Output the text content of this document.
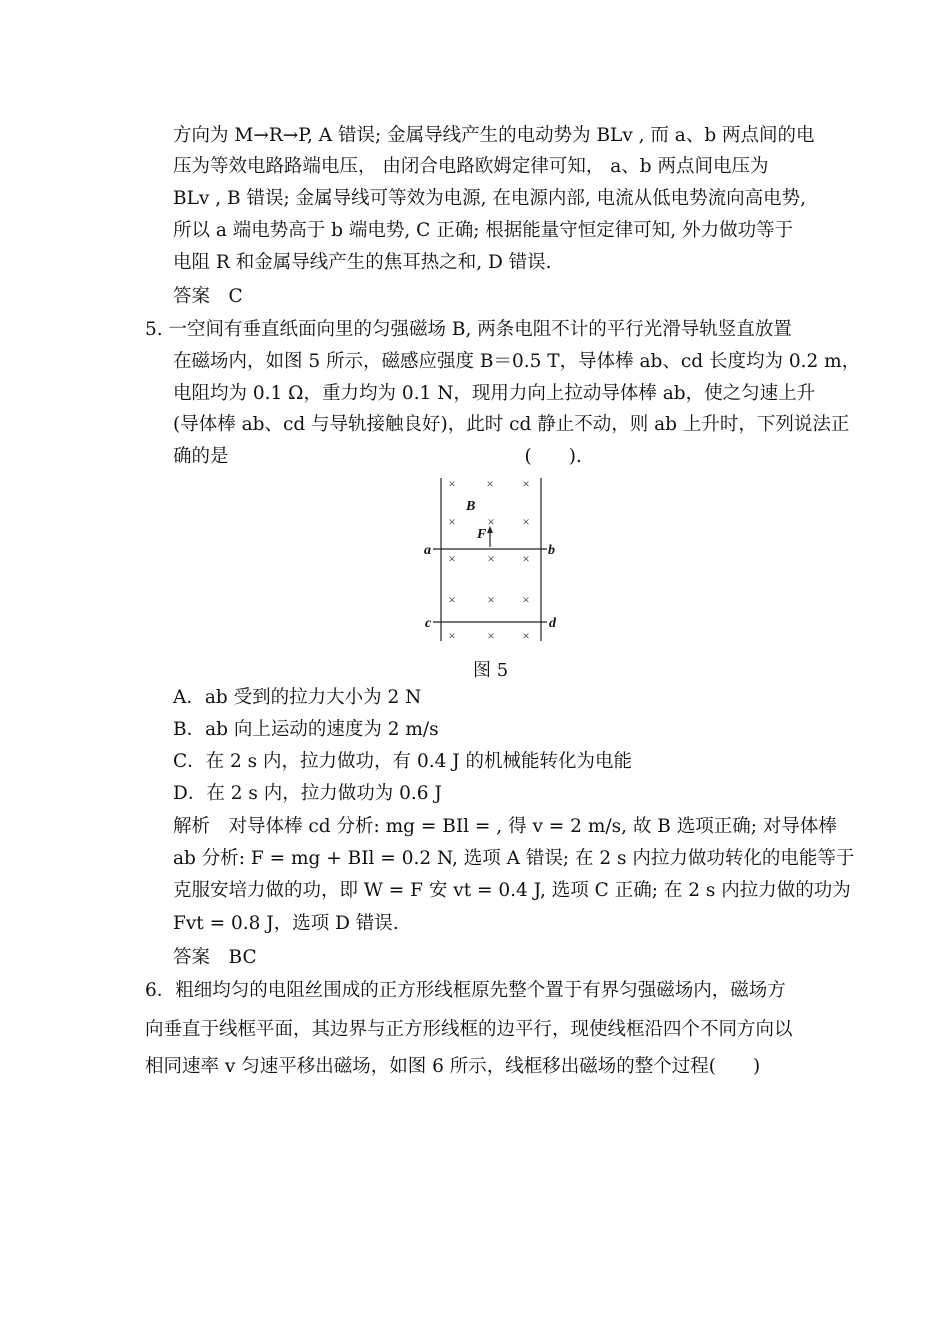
方向为 M→R→P, A 错误; 金属导线产生的电动势为 BLv , 而 a、b 两点间的电
压为等效电路路端电压， 由闭合电路欧姆定律可知， a、b 两点间电压为
BLv , B 错误; 金属导线可等效为电源, 在电源内部, 电流从低电势流向高电势,
所以 a 端电势高于 b 端电势, C 正确; 根据能量守恒定律可知, 外力做功等于
电阻 R 和金属导线产生的焦耳热之和, D 错误.
答案　C
5. 一空间有垂直纸面向里的匀强磁场 B, 两条电阻不计的平行光滑导轨竖直放置
在磁场内，如图 5 所示，磁感应强度 B＝0.5 T，导体棒 ab、cd 长度均为 0.2 m，
电阻均为 0.1 Ω，重力均为 0.1 N，现用力向上拉动导体棒 ab，使之匀速上升
(导体棒 ab、cd 与导轨接触良好)，此时 cd 静止不动，则 ab 上升时，下列说法正
确的是　　　　　　　　　　　　　　　　(　　).
× × ×
× × ×
× × ×
× × ×
× × ×
B
F
a	b
c	d
图 5
A．ab 受到的拉力大小为 2 N
B．ab 向上运动的速度为 2 m/s
C．在 2 s 内，拉力做功，有 0.4 J 的机械能转化为电能
D．在 2 s 内，拉力做功为 0.6 J
解析　对导体棒 cd 分析: mg = BIl = , 得 v = 2 m/s, 故 B 选项正确; 对导体棒
ab 分析: F = mg + BIl = 0.2 N, 选项 A 错误; 在 2 s 内拉力做功转化的电能等于
克服安培力做的功，即 W = F 安 vt = 0.4 J, 选项 C 正确; 在 2 s 内拉力做的功为
Fvt = 0.8 J，选项 D 错误.
答案　BC
6．粗细均匀的电阻丝围成的正方形线框原先整个置于有界匀强磁场内，磁场方
向垂直于线框平面，其边界与正方形线框的边平行，现使线框沿四个不同方向以
相同速率 v 匀速平移出磁场，如图 6 所示，线框移出磁场的整个过程(　　)
